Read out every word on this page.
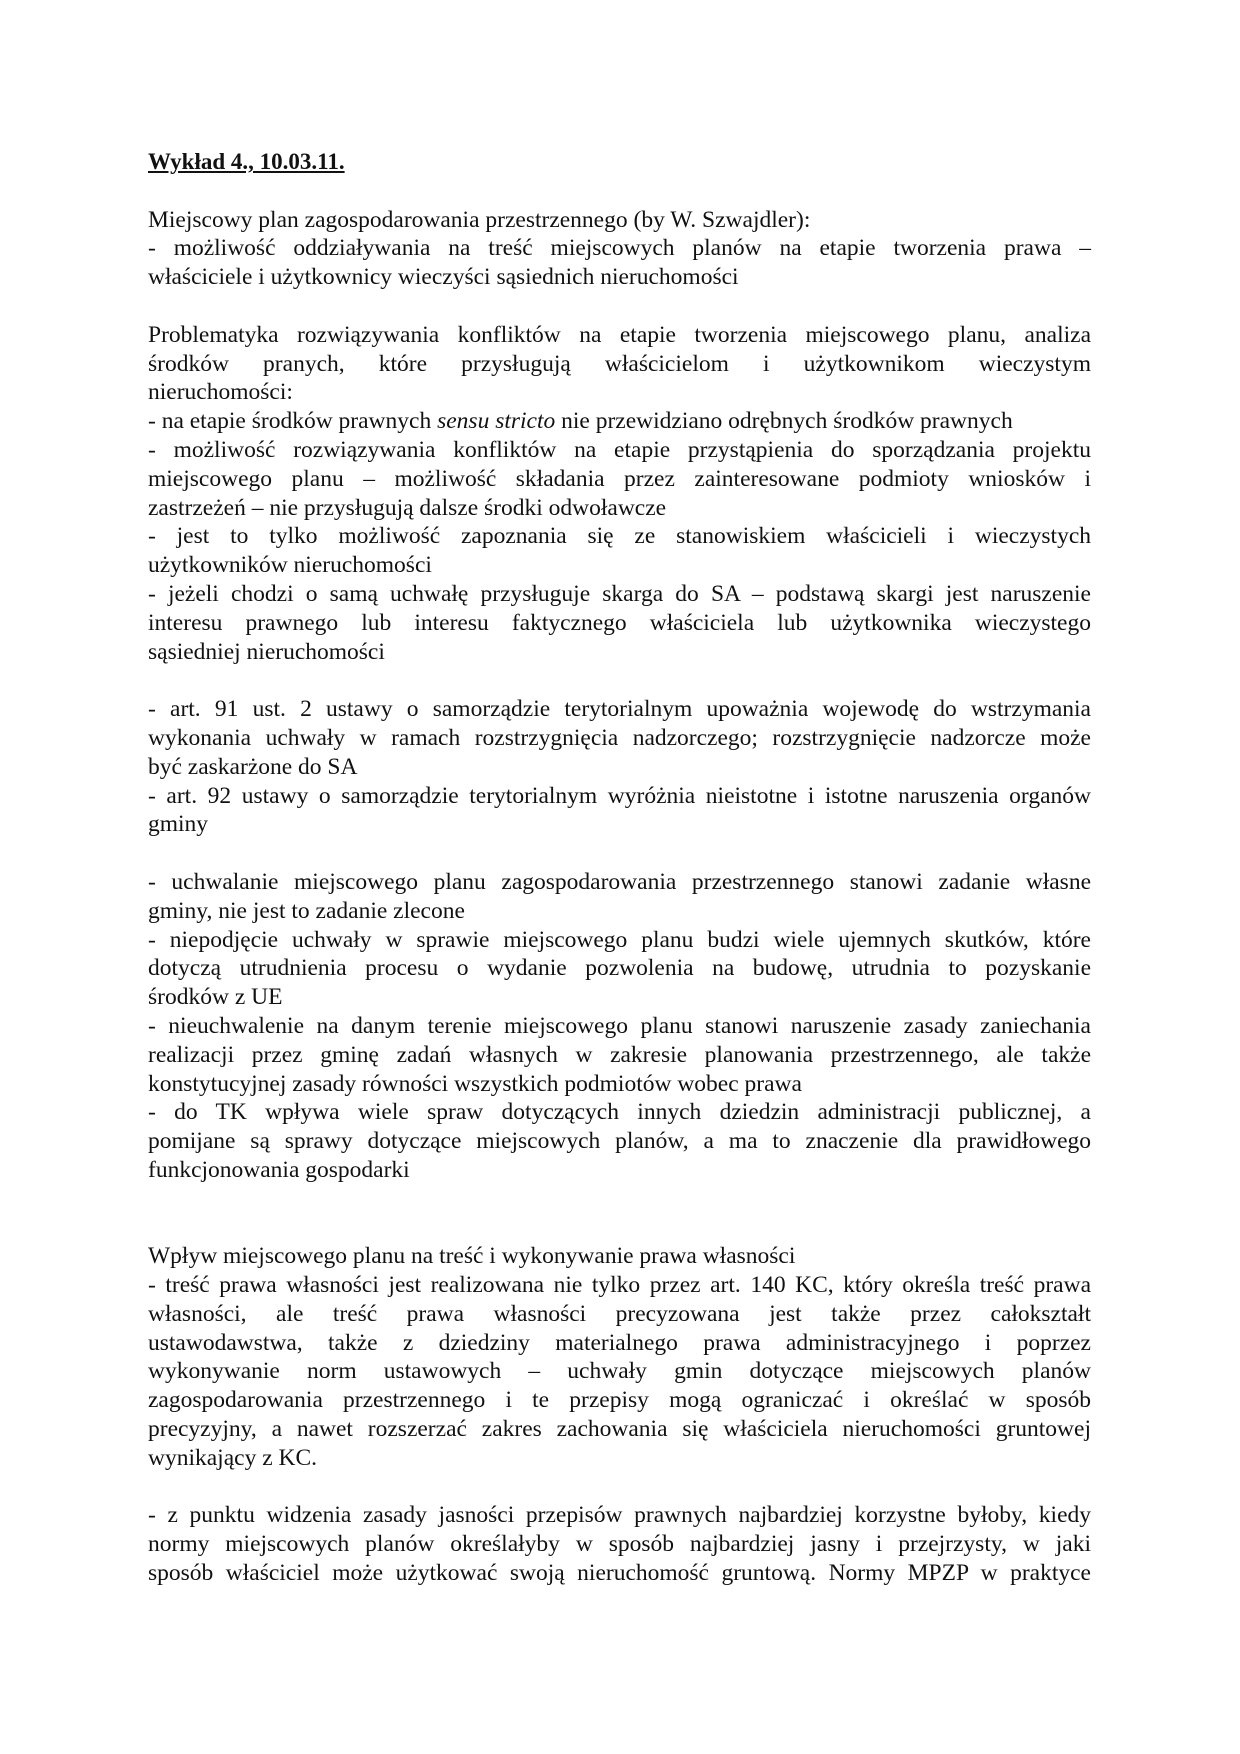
Wykład 4., 10.03.11.
Miejscowy plan zagospodarowania przestrzennego (by W. Szwajdler):
- możliwość oddziaływania na treść miejscowych planów na etapie tworzenia prawa –
właściciele i użytkownicy wieczyści sąsiednich nieruchomości
Problematyka rozwiązywania konfliktów na etapie tworzenia miejscowego planu, analiza
środków pranych, które przysługują właścicielom i użytkownikom wieczystym
nieruchomości:
- na etapie środków prawnych sensu stricto nie przewidziano odrębnych środków prawnych
- możliwość rozwiązywania konfliktów na etapie przystąpienia do sporządzania projektu
miejscowego planu – możliwość składania przez zainteresowane podmioty wniosków i
zastrzeżeń – nie przysługują dalsze środki odwoławcze
- jest to tylko możliwość zapoznania się ze stanowiskiem właścicieli i wieczystych
użytkowników nieruchomości
- jeżeli chodzi o samą uchwałę przysługuje skarga do SA – podstawą skargi jest naruszenie
interesu prawnego lub interesu faktycznego właściciela lub użytkownika wieczystego
sąsiedniej nieruchomości
- art. 91 ust. 2 ustawy o samorządzie terytorialnym upoważnia wojewodę do wstrzymania
wykonania uchwały w ramach rozstrzygnięcia nadzorczego; rozstrzygnięcie nadzorcze może
być zaskarżone do SA
- art. 92 ustawy o samorządzie terytorialnym wyróżnia nieistotne i istotne naruszenia organów
gminy
- uchwalanie miejscowego planu zagospodarowania przestrzennego stanowi zadanie własne
gminy, nie jest to zadanie zlecone
- niepodjęcie uchwały w sprawie miejscowego planu budzi wiele ujemnych skutków, które
dotyczą utrudnienia procesu o wydanie pozwolenia na budowę, utrudnia to pozyskanie
środków z UE
- nieuchwalenie na danym terenie miejscowego planu stanowi naruszenie zasady zaniechania
realizacji przez gminę zadań własnych w zakresie planowania przestrzennego, ale także
konstytucyjnej zasady równości wszystkich podmiotów wobec prawa
- do TK wpływa wiele spraw dotyczących innych dziedzin administracji publicznej, a
pomijane są sprawy dotyczące miejscowych planów, a ma to znaczenie dla prawidłowego
funkcjonowania gospodarki
Wpływ miejscowego planu na treść i wykonywanie prawa własności
- treść prawa własności jest realizowana nie tylko przez art. 140 KC, który określa treść prawa
własności, ale treść prawa własności precyzowana jest także przez całokształt
ustawodawstwa, także z dziedziny materialnego prawa administracyjnego i poprzez
wykonywanie norm ustawowych – uchwały gmin dotyczące miejscowych planów
zagospodarowania przestrzennego i te przepisy mogą ograniczać i określać w sposób
precyzyjny, a nawet rozszerzać zakres zachowania się właściciela nieruchomości gruntowej
wynikający z KC.
- z punktu widzenia zasady jasności przepisów prawnych najbardziej korzystne byłoby, kiedy
normy miejscowych planów określałyby w sposób najbardziej jasny i przejrzysty, w jaki
sposób właściciel może użytkować swoją nieruchomość gruntową. Normy MPZP w praktyce
